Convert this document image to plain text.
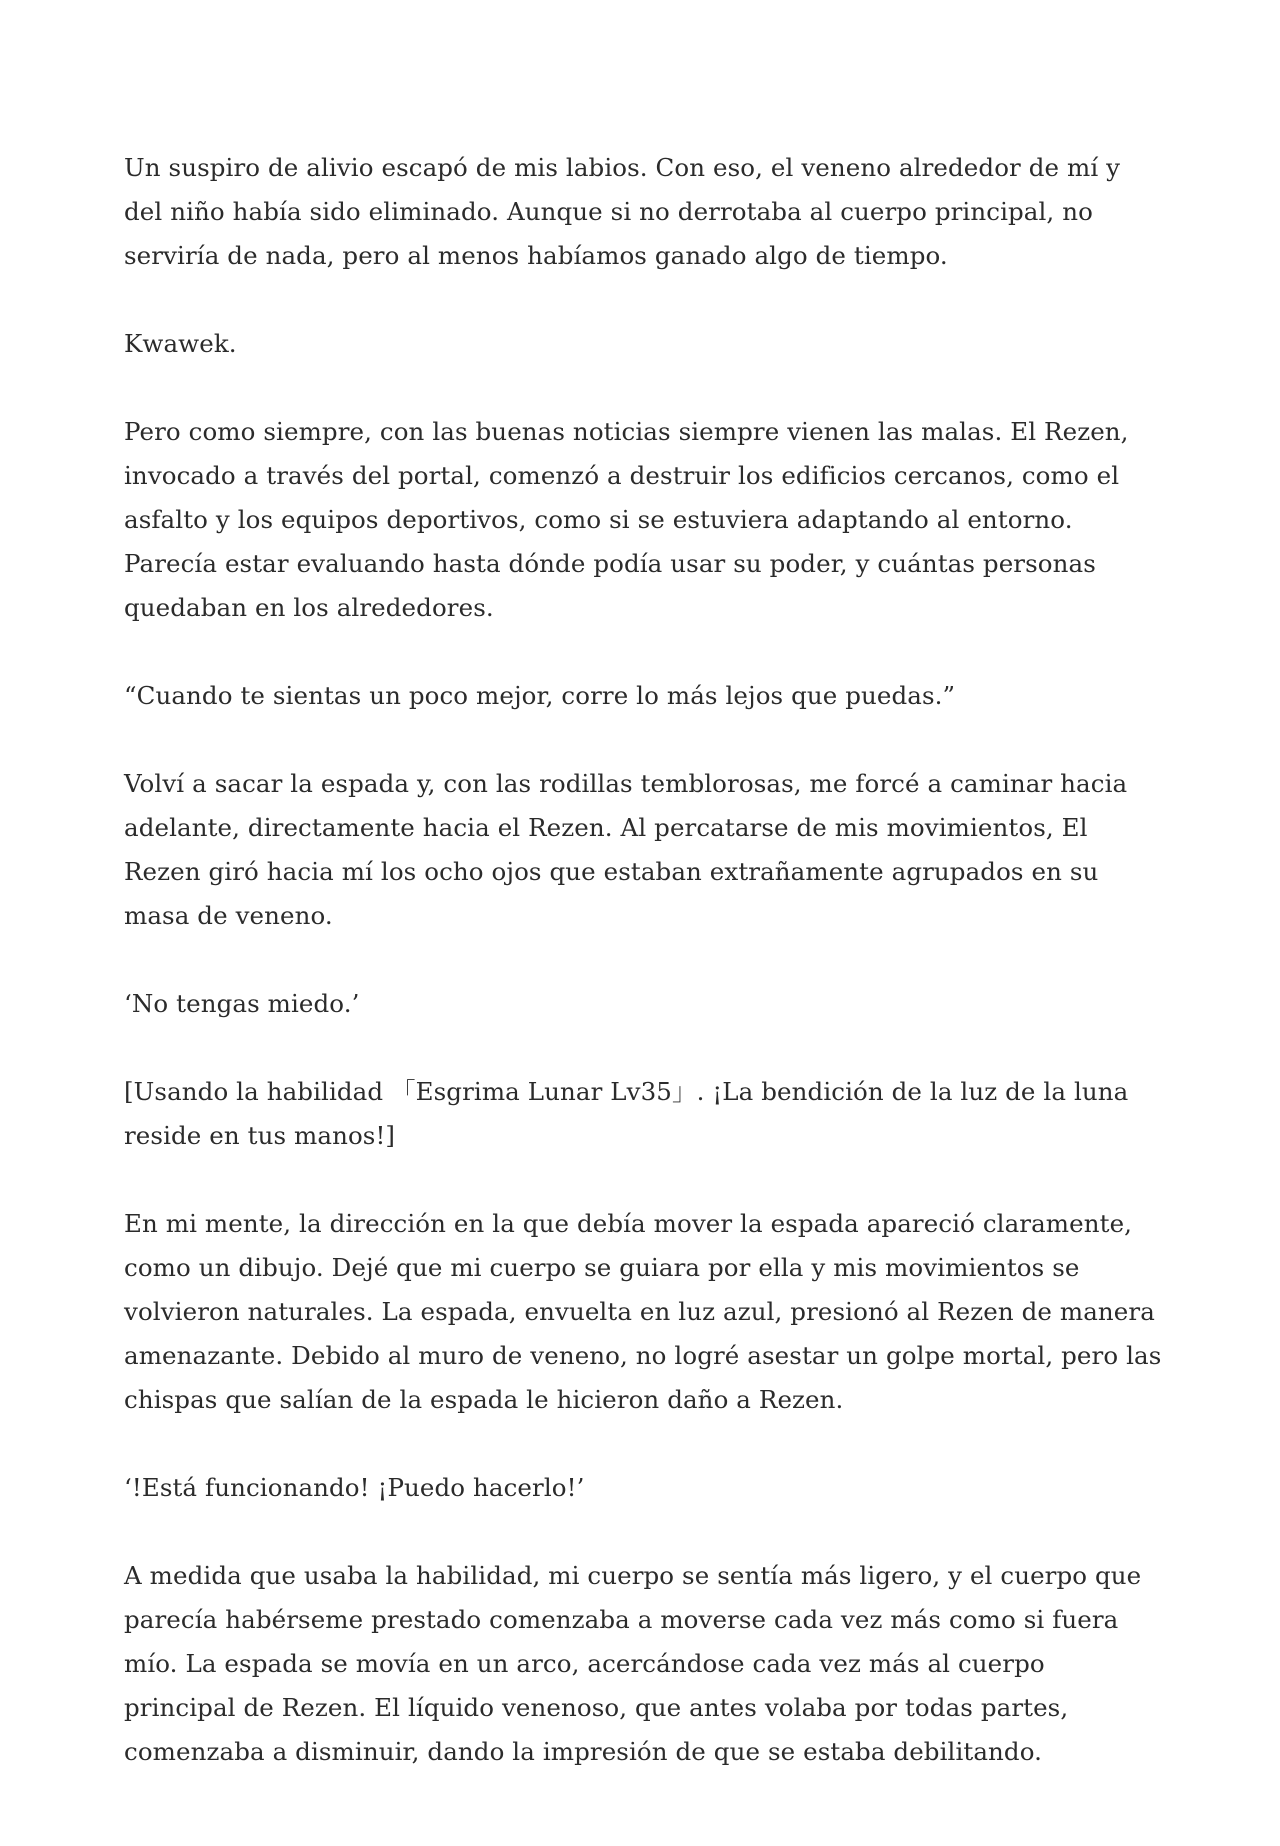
Un suspiro de alivio escapó de mis labios. Con eso, el veneno alrededor de mí y del niño había sido eliminado. Aunque si no derrotaba al cuerpo principal, no serviría de nada, pero al menos habíamos ganado algo de tiempo.

Kwawek.

Pero como siempre, con las buenas noticias siempre vienen las malas. El Rezen, invocado a través del portal, comenzó a destruir los edificios cercanos, como el asfalto y los equipos deportivos, como si se estuviera adaptando al entorno. Parecía estar evaluando hasta dónde podía usar su poder, y cuántas personas quedaban en los alrededores.

“Cuando te sientas un poco mejor, corre lo más lejos que puedas.”

Volví a sacar la espada y, con las rodillas temblorosas, me forcé a caminar hacia adelante, directamente hacia el Rezen. Al percatarse de mis movimientos, El Rezen giró hacia mí los ocho ojos que estaban extrañamente agrupados en su masa de veneno.

‘No tengas miedo.’

[Usando la habilidad 「Esgrima Lunar Lv35」. ¡La bendición de la luz de la luna reside en tus manos!]

En mi mente, la dirección en la que debía mover la espada apareció claramente, como un dibujo. Dejé que mi cuerpo se guiara por ella y mis movimientos se volvieron naturales. La espada, envuelta en luz azul, presionó al Rezen de manera amenazante. Debido al muro de veneno, no logré asestar un golpe mortal, pero las chispas que salían de la espada le hicieron daño a Rezen.

‘!Está funcionando! ¡Puedo hacerlo!’

A medida que usaba la habilidad, mi cuerpo se sentía más ligero, y el cuerpo que parecía habérseme prestado comenzaba a moverse cada vez más como si fuera mío. La espada se movía en un arco, acercándose cada vez más al cuerpo principal de Rezen. El líquido venenoso, que antes volaba por todas partes, comenzaba a disminuir, dando la impresión de que se estaba debilitando.
